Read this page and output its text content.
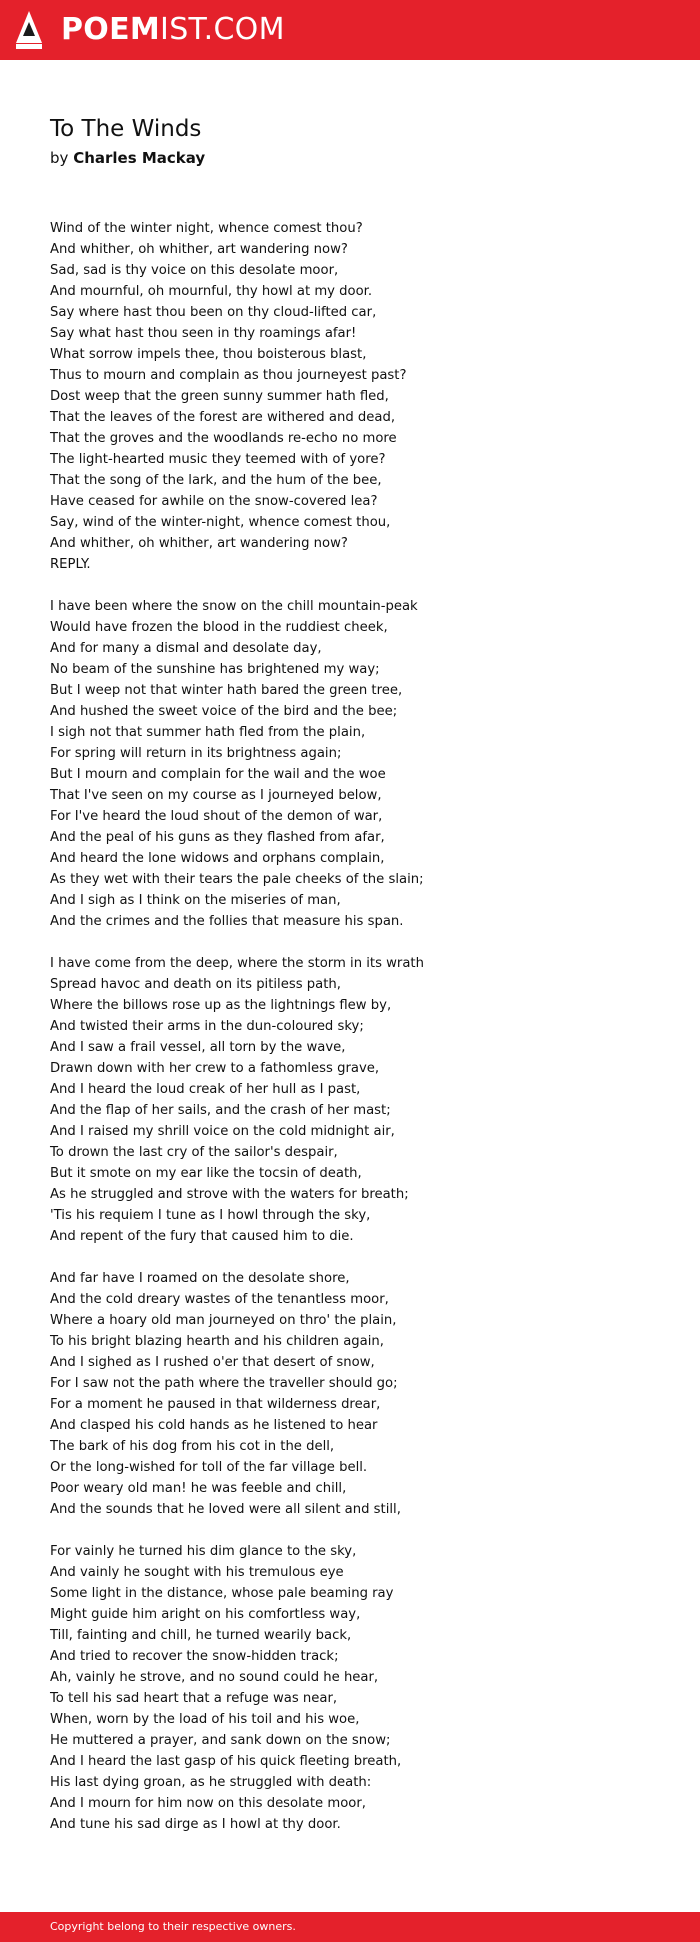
POEMIST.COM
To The Winds
by Charles Mackay
Wind of the winter night, whence comest thou?
And whither, oh whither, art wandering now?
Sad, sad is thy voice on this desolate moor,
And mournful, oh mournful, thy howl at my door.
Say where hast thou been on thy cloud-lifted car,
Say what hast thou seen in thy roamings afar!
What sorrow impels thee, thou boisterous blast,
Thus to mourn and complain as thou journeyest past?
Dost weep that the green sunny summer hath fled,
That the leaves of the forest are withered and dead,
That the groves and the woodlands re-echo no more
The light-hearted music they teemed with of yore?
That the song of the lark, and the hum of the bee,
Have ceased for awhile on the snow-covered lea?
Say, wind of the winter-night, whence comest thou,
And whither, oh whither, art wandering now?
REPLY.
I have been where the snow on the chill mountain-peak
Would have frozen the blood in the ruddiest cheek,
And for many a dismal and desolate day,
No beam of the sunshine has brightened my way;
But I weep not that winter hath bared the green tree,
And hushed the sweet voice of the bird and the bee;
I sigh not that summer hath fled from the plain,
For spring will return in its brightness again;
But I mourn and complain for the wail and the woe
That I've seen on my course as I journeyed below,
For I've heard the loud shout of the demon of war,
And the peal of his guns as they flashed from afar,
And heard the lone widows and orphans complain,
As they wet with their tears the pale cheeks of the slain;
And I sigh as I think on the miseries of man,
And the crimes and the follies that measure his span.
I have come from the deep, where the storm in its wrath
Spread havoc and death on its pitiless path,
Where the billows rose up as the lightnings flew by,
And twisted their arms in the dun-coloured sky;
And I saw a frail vessel, all torn by the wave,
Drawn down with her crew to a fathomless grave,
And I heard the loud creak of her hull as I past,
And the flap of her sails, and the crash of her mast;
And I raised my shrill voice on the cold midnight air,
To drown the last cry of the sailor's despair,
But it smote on my ear like the tocsin of death,
As he struggled and strove with the waters for breath;
'Tis his requiem I tune as I howl through the sky,
And repent of the fury that caused him to die.
And far have I roamed on the desolate shore,
And the cold dreary wastes of the tenantless moor,
Where a hoary old man journeyed on thro' the plain,
To his bright blazing hearth and his children again,
And I sighed as I rushed o'er that desert of snow,
For I saw not the path where the traveller should go;
For a moment he paused in that wilderness drear,
And clasped his cold hands as he listened to hear
The bark of his dog from his cot in the dell,
Or the long-wished for toll of the far village bell.
Poor weary old man! he was feeble and chill,
And the sounds that he loved were all silent and still,
For vainly he turned his dim glance to the sky,
And vainly he sought with his tremulous eye
Some light in the distance, whose pale beaming ray
Might guide him aright on his comfortless way,
Till, fainting and chill, he turned wearily back,
And tried to recover the snow-hidden track;
Ah, vainly he strove, and no sound could he hear,
To tell his sad heart that a refuge was near,
When, worn by the load of his toil and his woe,
He muttered a prayer, and sank down on the snow;
And I heard the last gasp of his quick fleeting breath,
His last dying groan, as he struggled with death:
And I mourn for him now on this desolate moor,
And tune his sad dirge as I howl at thy door.
Copyright belong to their respective owners.
